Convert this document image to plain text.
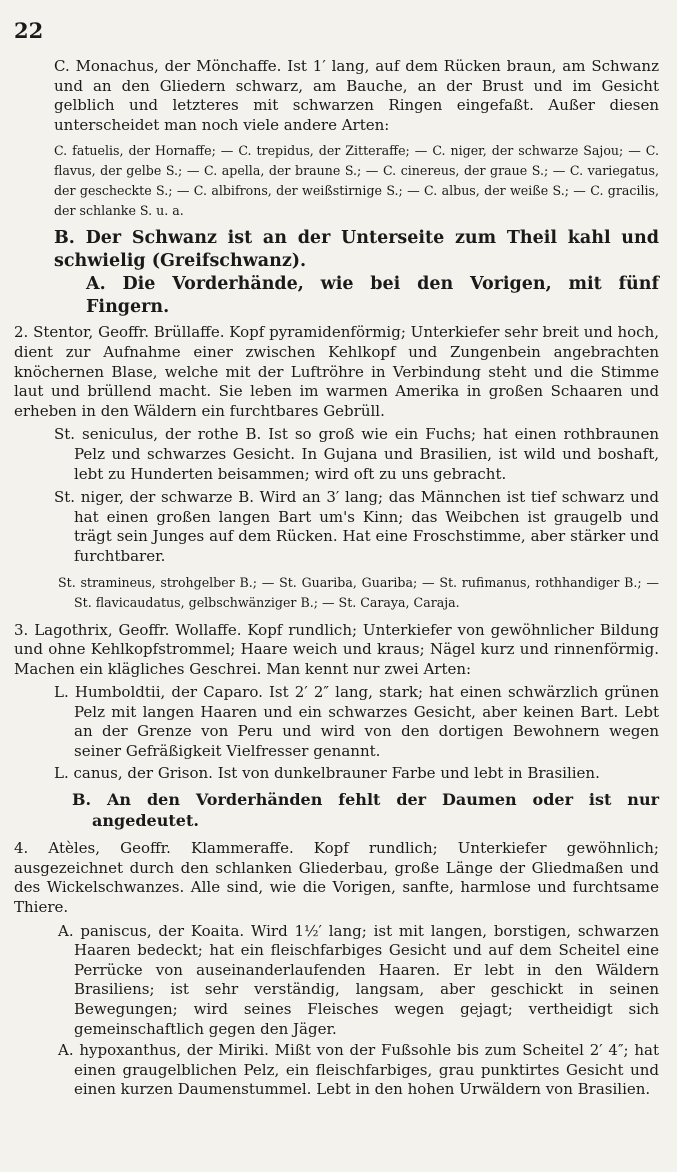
22

C. Monachus, der Mönchaffe. Ist 1′ lang, auf dem Rücken braun, am Schwanz und an den Gliedern schwarz, am Bauche, an der Brust und im Gesicht gelblich und letzteres mit schwarzen Ringen eingefaßt. Außer diesen unterscheidet man noch viele andere Arten:

C. fatuelis, der Hornaffe; — C. trepidus, der Zitteraffe; — C. niger, der schwarze Sajou; — C. flavus, der gelbe S.; — C. apella, der braune S.; — C. cinereus, der graue S.; — C. variegatus, der gescheckte S.; — C. albifrons, der weißstirnige S.; — C. albus, der weiße S.; — C. gracilis, der schlanke S. u. a.

B. Der Schwanz ist an der Unterseite zum Theil kahl und schwielig (Greifschwanz).

A. Die Vorderhände, wie bei den Vorigen, mit fünf Fingern.

2. Stentor, Geoffr. Brüllaffe. Kopf pyramidenförmig; Unterkiefer sehr breit und hoch, dient zur Aufnahme einer zwischen Kehlkopf und Zungenbein angebrachten knöchernen Blase, welche mit der Luftröhre in Verbindung steht und die Stimme laut und brüllend macht. Sie leben im warmen Amerika in großen Schaaren und erheben in den Wäldern ein furchtbares Gebrüll.

St. seniculus, der rothe B. Ist so groß wie ein Fuchs; hat einen rothbraunen Pelz und schwarzes Gesicht. In Gujana und Brasilien, ist wild und boshaft, lebt zu Hunderten beisammen; wird oft zu uns gebracht.

St. niger, der schwarze B. Wird an 3′ lang; das Männchen ist tief schwarz und hat einen großen langen Bart um's Kinn; das Weibchen ist graugelb und trägt sein Junges auf dem Rücken. Hat eine Froschstimme, aber stärker und furchtbarer.

St. stramineus, strohgelber B.; — St. Guariba, Guariba; — St. rufimanus, rothhandiger B.; — St. flavicaudatus, gelbschwänziger B.; — St. Caraya, Caraja.

3. Lagothrix, Geoffr. Wollaffe. Kopf rundlich; Unterkiefer von gewöhnlicher Bildung und ohne Kehlkopfstrommel; Haare weich und kraus; Nägel kurz und rinnenförmig. Machen ein klägliches Geschrei. Man kennt nur zwei Arten:

L. Humboldtii, der Caparo. Ist 2′ 2″ lang, stark; hat einen schwärzlich grünen Pelz mit langen Haaren und ein schwarzes Gesicht, aber keinen Bart. Lebt an der Grenze von Peru und wird von den dortigen Bewohnern wegen seiner Gefräßigkeit Vielfresser genannt.

L. canus, der Grison. Ist von dunkelbrauner Farbe und lebt in Brasilien.

B. An den Vorderhänden fehlt der Daumen oder ist nur angedeutet.

4. Atèles, Geoffr. Klammeraffe. Kopf rundlich; Unterkiefer gewöhnlich; ausgezeichnet durch den schlanken Gliederbau, große Länge der Gliedmaßen und des Wickelschwanzes. Alle sind, wie die Vorigen, sanfte, harmlose und furchtsame Thiere.

A. paniscus, der Koaita. Wird 1½′ lang; ist mit langen, borstigen, schwarzen Haaren bedeckt; hat ein fleischfarbiges Gesicht und auf dem Scheitel eine Perrücke von auseinanderlaufenden Haaren. Er lebt in den Wäldern Brasiliens; ist sehr verständig, langsam, aber geschickt in seinen Bewegungen; wird seines Fleisches wegen gejagt; vertheidigt sich gemeinschaftlich gegen den Jäger.

A. hypoxanthus, der Miriki. Mißt von der Fußsohle bis zum Scheitel 2′ 4″; hat einen graugelblichen Pelz, ein fleischfarbiges, grau punktirtes Gesicht und einen kurzen Daumenstummel. Lebt in den hohen Urwäldern von Brasilien.
